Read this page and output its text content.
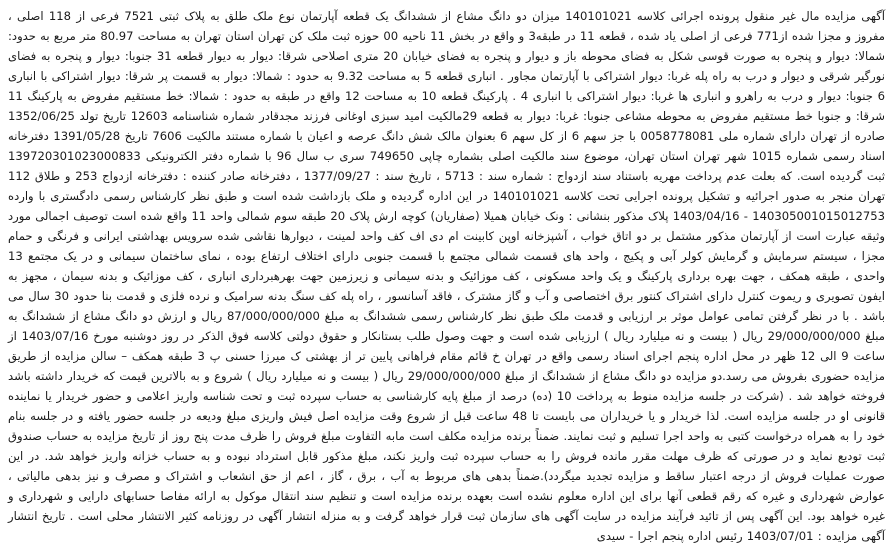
آگهی مزایده مال غیر منقول پرونده اجرائی کلاسه 140101021 میزان دو دانگ مشاع از ششدانگ یک قطعه آپارتمان نوع ملک طلق به پلاک ثبتی 7521 فرعی از 118 اصلی ، مفروز و مجزا شده از771 فرعی از اصلی یاد شده ، قطعه 11 در طبقه3 و واقع در بخش 11 ناحیه 00 حوزه ثبت ملک کن تهران استان تهران به مساحت 80.97 متر مربع به حدود: شمالا: دیوار و پنجره به صورت قوسی شکل به فضای محوطه باز و دیوار و پنجره به فضای خیابان 20 متری اصلاحی شرقا: دیوار به دیوار قطعه 31 جنوبا: دیوار و پنجره به فضای نورگیر شرقی و دیوار و درب به راه پله غربا: دیوار اشتراکی با آپارتمان مجاور . انباری قطعه 5 به مساحت 9.32 به حدود : شمالا: دیوار به قسمت پر شرقا: دیوار اشتراکی با انباری 6 جنوبا: دیوار و درب به راهرو و انباری ها غربا: دیوار اشتراکی با انباری 4 . پارکینگ قطعه 10 به مساحت 12 واقع در طبقه به حدود : شمالا: خط مستقیم مفروض به پارکینگ 11 شرقا: و جنوبا خط مستقیم مفروض به محوطه مشاعی جنوبا: غربا: دیوار به قطعه 29مالکیت امید سبزی اوغانی فرزند مجدقادر شماره شناسنامه 12603 تاریخ تولد 1352/06/25 صادره از تهران دارای شماره ملی 0058778081 با جز سهم 6 از کل سهم 6 بعنوان مالک شش دانگ عرصه و اعیان با شماره مستند مالکیت 7606 تاریخ 1391/05/28 دفترخانه اسناد رسمی شماره 1015 شهر تهران استان تهران، موضوع سند مالکیت اصلی بشماره چاپی 749650 سری ب سال 96 با شماره دفتر الکترونیکی 139720301023000833 ثبت گردیده است. که بعلت عدم پرداخت مهریه باستناد سند ازدواج : شماره سند : 5713 ، تاریخ سند : 1377/09/27 ، دفترخانه صادر کننده : دفترخانه ازدواج 253 و طلاق 112 تهران منجر به صدور اجرائیه و تشکیل پرونده اجرایی تحت کلاسه 140101021 در این اداره گردیده و ملک بازداشت شده است و طبق نظر کارشناس رسمی دادگستری با وارده 140305001015012753 - 1403/04/16 پلاک مذکور بنشانی : ونک خیابان همیلا (صفاریان) کوچه ارش پلاک 20 طبقه سوم شمالی واحد 11 واقع شده است توصیف اجمالی مورد وثیقه عبارت است از آپارتمان مذکور مشتمل بر دو اتاق خواب ، آشپزخانه اوپن کابینت ام دی اف کف واحد لمینت ، دیوارها نقاشی شده سرویس بهداشتی ایرانی و فرنگی و حمام مجزا ، سیستم سرمایش و گرمایش کولر آبی و پکیج ، واحد های قسمت شمالی مجتمع با قسمت جنوبی دارای اختلاف ارتفاع بوده ، نمای ساختمان سیمانی و در یک مجتمع 13 واحدی ، طبقه همکف ، جهت بهره برداری پارکینگ و یک واحد مسکونی ، کف موزائیک و بدنه سیمانی و زیرزمین جهت بهرهبرداری انباری ، کف موزائیک و بدنه سیمان ، مجهز به ایفون تصویری و ریموت کنترل دارای اشتراک کنتور برق اختصاصی و آب و گاز مشترک ، فاقد آسانسور ، راه پله کف سنگ بدنه سرامیک و نرده فلزی و قدمت بنا حدود 30 سال می باشد . با در نظر گرفتن تمامی عوامل موثر بر ارزیابی و قدمت ملک طبق نظر کارشناس رسمی ششدانگ به مبلغ 87/000/000/000 ریال و ارزش دو دانگ مشاع از ششدانگ به مبلغ 29/000/000/000 ریال ( بیست و نه میلیارد ریال ) ارزیابی شده است و جهت وصول طلب بستانکار و حقوق دولتی کلاسه فوق الذکر در روز دوشنبه مورخ 1403/07/16 از ساعت 9 الی 12 ظهر در محل اداره پنجم اجرای اسناد رسمی واقع در تهران خ قائم مقام فراهانی پایین تر از بهشتی ک میرزا حسنی پ 3 طبقه همکف – سالن مزایده از طریق مزایده حضوری بفروش می رسد.دو مزایده دو دانگ مشاع از ششدانگ از مبلغ 29/000/000/000 ریال ( بیست و نه میلیارد ریال ) شروع و به بالاترین قیمت که خریدار داشته باشد فروخته خواهد شد . (شرکت در جلسه مزایده منوط به پرداخت 10 (ده) درصد از مبلغ پایه کارشناسی به حساب سپرده ثبت و تحت شناسه واریز اعلامی و حضور خریدار یا نماینده قانونی او در جلسه مزایده است. لذا خریدار و یا خریداران می بایست تا 48 ساعت قبل از شروع وقت مزایده اصل فیش واریزی مبلغ ودیعه در جلسه حضور یافته و در جلسه بنام خود را به همراه درخواست کتبی به واحد اجرا تسلیم و ثبت نمایند. ضمناً برنده مزایده مکلف است مابه التفاوت مبلغ فروش را ظرف مدت پنج روز از تاریخ مزایده به حساب صندوق ثبت تودیع نماید و در صورتی که ظرف مهلت مقرر مانده فروش را به حساب سپرده ثبت واریز نکند، مبلغ مذکور قابل استرداد نبوده و به حساب خزانه واریز خواهد شد. در این صورت عملیات فروش از درجه اعتبار ساقط و مزایده تجدید میگردد).ضمناً بدهی های مربوط به آب ، برق ، گاز ، اعم از حق انشعاب و اشتراک و مصرف و نیز بدهی مالیاتی ، عوارض شهرداری و غیره که رقم قطعی آنها برای این اداره معلوم نشده است بعهده برنده مزایده است و تنظیم سند انتقال موکول به ارائه مفاصا حسابهای دارایی و شهرداری و غیره خواهد بود. این آگهی پس از تائید فرآیند مزایده در سایت آگهی های سازمان ثبت قرار خواهد گرفت و به منزله انتشار آگهی در روزنامه کثیر الانتشار محلی است . تاریخ انتشار آگهی مزایده : 1403/07/01 رئیس اداره پنجم اجرا - سیدی
